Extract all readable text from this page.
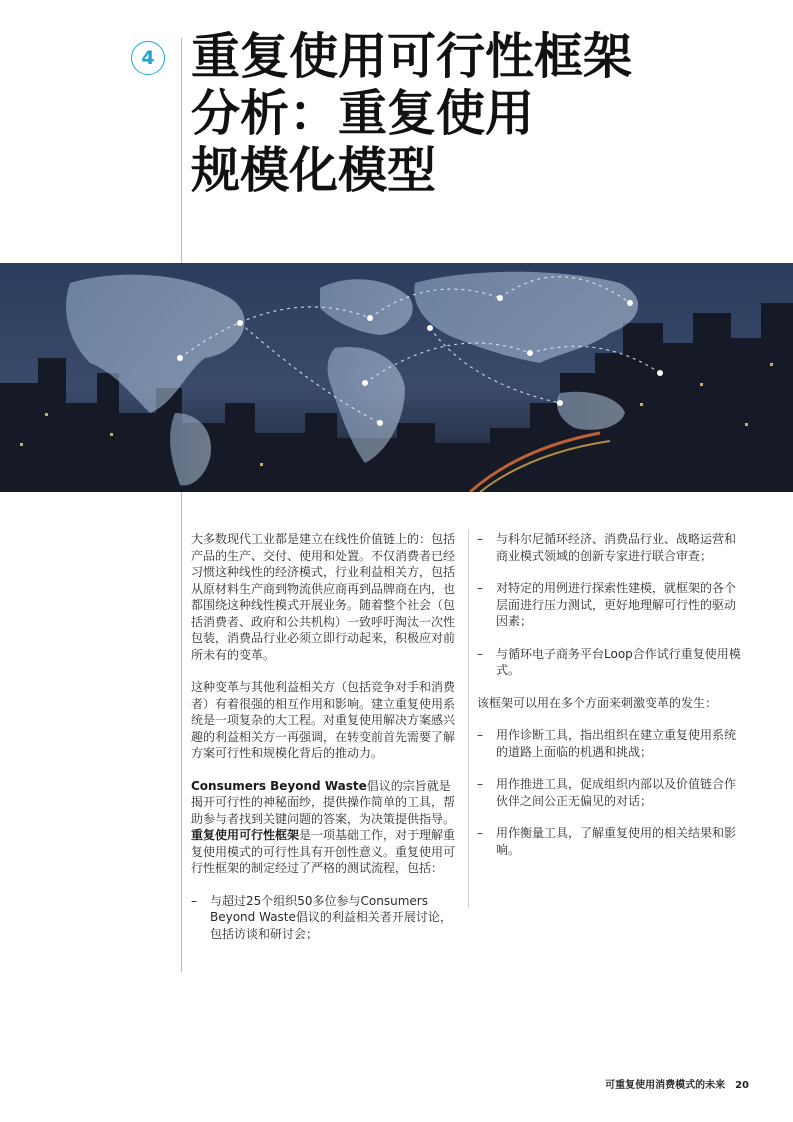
4 重复使用可行性框架
分析：重复使用
规模化模型

大多数现代工业都是建立在线性价值链上的：包括产品的生产、交付、使用和处置。不仅消费者已经习惯这种线性的经济模式，行业利益相关方，包括从原材料生产商到物流供应商再到品牌商在内，也都围绕这种线性模式开展业务。随着整个社会（包括消费者、政府和公共机构）一致呼吁淘汰一次性包装，消费品行业必须立即行动起来，积极应对前所未有的变革。

这种变革与其他利益相关方（包括竞争对手和消费者）有着很强的相互作用和影响。建立重复使用系统是一项复杂的大工程。对重复使用解决方案感兴趣的利益相关方一再强调，在转变前首先需要了解方案可行性和规模化背后的推动力。

Consumers Beyond Waste倡议的宗旨就是揭开可行性的神秘面纱，提供操作简单的工具，帮助参与者找到关键问题的答案，为决策提供指导。重复使用可行性框架是一项基础工作，对于理解重复使用模式的可行性具有开创性意义。重复使用可行性框架的制定经过了严格的测试流程，包括：

– 与超过25个组织50多位参与Consumers Beyond Waste倡议的利益相关者开展讨论，包括访谈和研讨会；
– 与科尔尼循环经济、消费品行业、战略运营和商业模式领域的创新专家进行联合审查；
– 对特定的用例进行探索性建模，就框架的各个层面进行压力测试，更好地理解可行性的驱动因素；
– 与循环电子商务平台Loop合作试行重复使用模式。

该框架可以用在多个方面来刺激变革的发生：

– 用作诊断工具，指出组织在建立重复使用系统的道路上面临的机遇和挑战；
– 用作推进工具，促成组织内部以及价值链合作伙伴之间公正无偏见的对话；
– 用作衡量工具，了解重复使用的相关结果和影响。
可重复使用消费模式的未来 20
